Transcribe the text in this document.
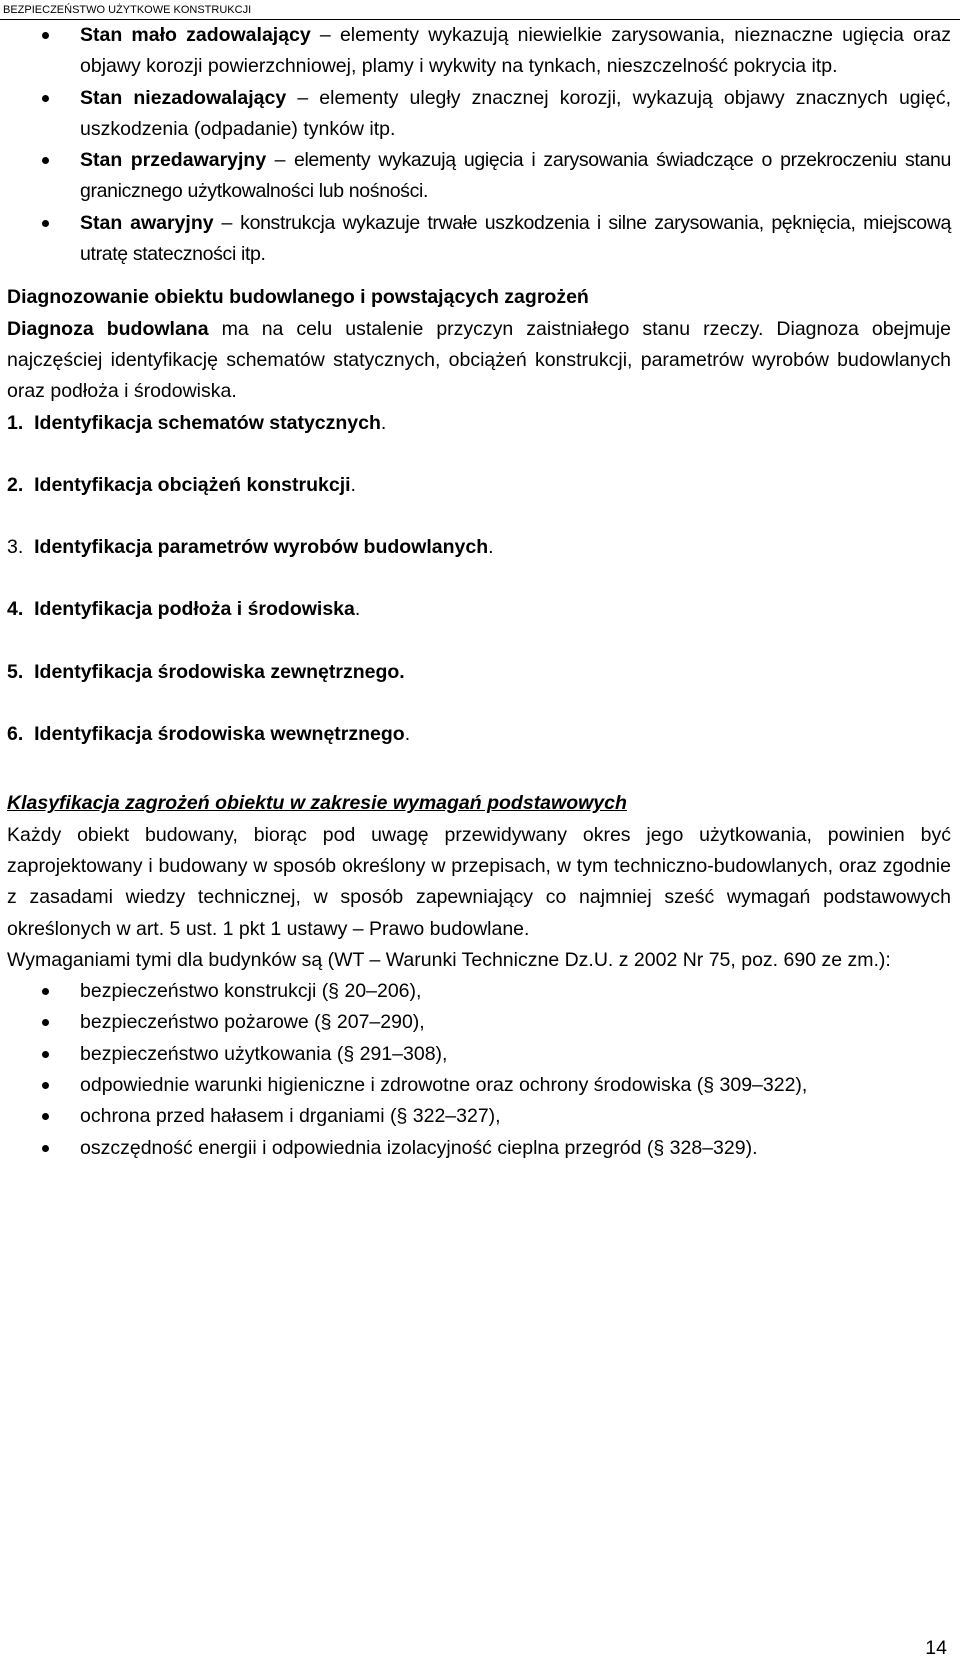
BEZPIECZEŃSTWO UŻYTKOWE KONSTRUKCJI
Stan mało zadowalający – elementy wykazują niewielkie zarysowania, nieznaczne ugięcia oraz objawy korozji powierzchniowej, plamy i wykwity na tynkach, nieszczelność pokrycia itp.
Stan niezadowalający – elementy uległy znacznej korozji, wykazują objawy znacznych ugięć, uszkodzenia (odpadanie) tynków itp.
Stan przedawaryjny – elementy wykazują ugięcia i zarysowania świadczące o przekroczeniu stanu granicznego użytkowalności lub nośności.
Stan awaryjny – konstrukcja wykazuje trwałe uszkodzenia i silne zarysowania, pęknięcia, miejscową utratę stateczności itp.
Diagnozowanie obiektu budowlanego i powstających zagrożeń
Diagnoza budowlana ma na celu ustalenie przyczyn zaistniałego stanu rzeczy. Diagnoza obejmuje najczęściej identyfikację schematów statycznych, obciążeń konstrukcji, parametrów wyrobów budowlanych oraz podłoża i środowiska.

1. Identyfikacja schematów statycznych.

2. Identyfikacja obciążeń konstrukcji.

3. Identyfikacja parametrów wyrobów budowlanych.

4. Identyfikacja podłoża i środowiska.

5. Identyfikacja środowiska zewnętrznego.

6. Identyfikacja środowiska wewnętrznego.

Klasyfikacja zagrożeń obiektu w zakresie wymagań podstawowych
Każdy obiekt budowany, biorąc pod uwagę przewidywany okres jego użytkowania, powinien być zaprojektowany i budowany w sposób określony w przepisach, w tym techniczno-budowlanych, oraz zgodnie z zasadami wiedzy technicznej, w sposób zapewniający co najmniej sześć wymagań podstawowych określonych w art. 5 ust. 1 pkt 1 ustawy – Prawo budowlane.
Wymaganiami tymi dla budynków są (WT – Warunki Techniczne Dz.U. z 2002 Nr 75, poz. 690 ze zm.):
bezpieczeństwo konstrukcji (§ 20–206),
bezpieczeństwo pożarowe (§ 207–290),
bezpieczeństwo użytkowania (§ 291–308),
odpowiednie warunki higieniczne i zdrowotne oraz ochrony środowiska (§ 309–322),
ochrona przed hałasem i drganiami (§ 322–327),
oszczędność energii i odpowiednia izolacyjność cieplna przegród (§ 328–329).
14
